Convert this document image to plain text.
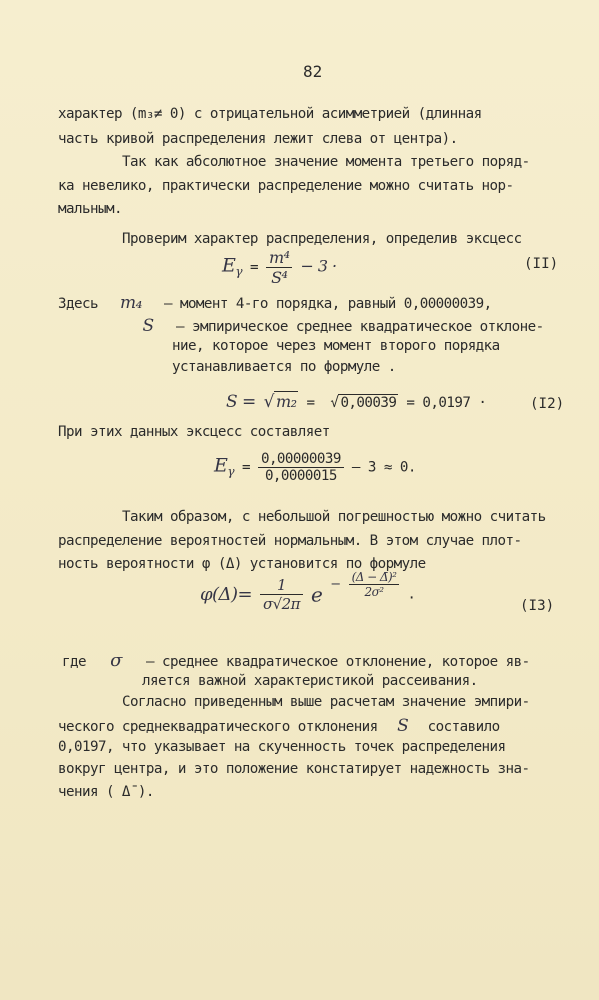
82
характер (m₃≠ 0) с отрицательной асимметрией (длинная
часть кривой распределения лежит слева от центра).
Так как абсолютное значение момента третьего поряд-
ка невелико, практически распределение можно считать нор-
мальным.
Проверим характер распределения, определив эксцесс
$E_\gamma = \frac{\text{m⁴}}{\text{S⁴}} - 3$ ·	(II)
Здесь m₄ – момент 4-го порядка, равный 0,00000039,
S – эмпирическое среднее квадратическое отклоне-
ние, которое через момент второго порядка
устанавливается по формуле .
S = √ m₂ =  √ 0,00039 = 0,0197 ·	(I2)
При этих данных эксцесс составляет
$E_\gamma = \frac{0,00000039}{0,0000015} - 3 \approx 0$.
Таким образом, с небольшой погрешностью можно считать
распределение вероятностей нормальным. В этом случае плот-
ность вероятности φ (Δ) установится по формуле
$\varphi(\Delta)= \frac{1}{\sigma√2\pi}$ $e - \frac{\text{(Δ − Δ̄)²}}{\text{2σ²}}$ .
(I3)
где σ – среднее квадратическое отклонение, которое яв-
ляется важной характеристикой рассеивания.
Согласно приведенным выше расчетам значение эмпири-
ческого среднеквадратического отклонения S составило
0,0197, что указывает на скученность точек распределения
вокруг центра, и это положение констатирует надежность зна-
чения ( Δ̄ ).
